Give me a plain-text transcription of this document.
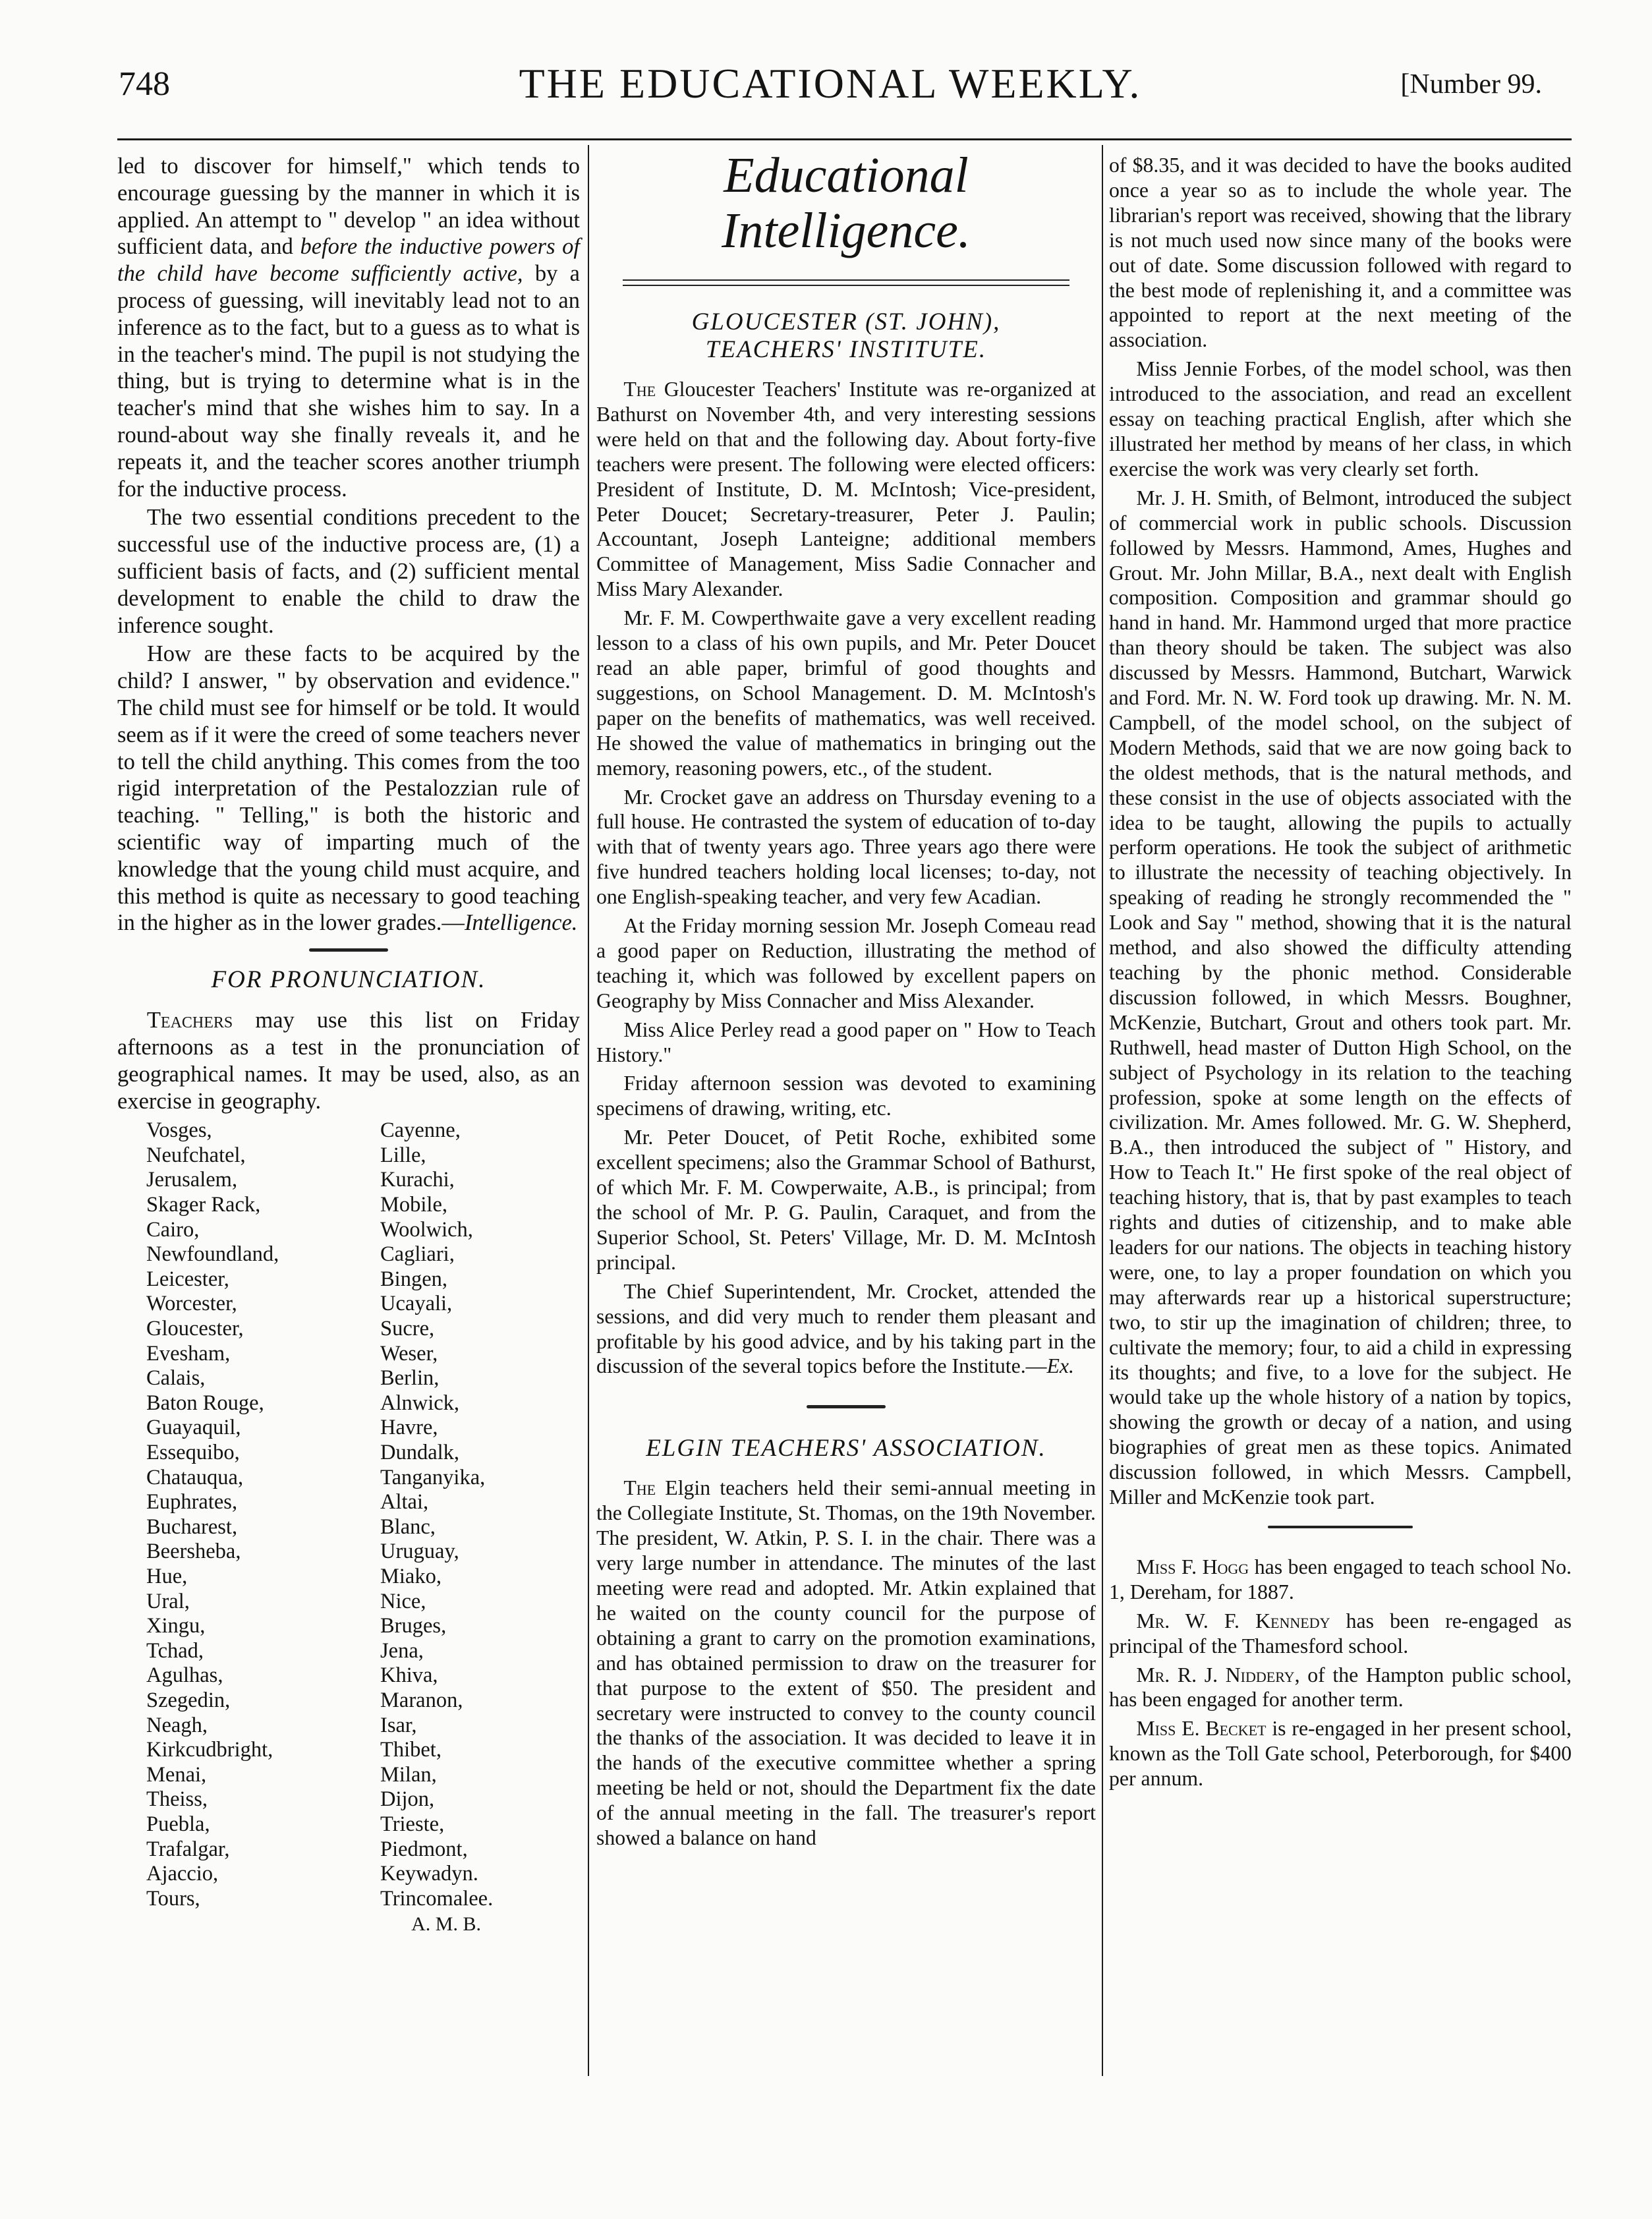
748	THE EDUCATIONAL WEEKLY.	[Number 99.

led to discover for himself," which tends to encourage guessing by the manner in which it is applied. An attempt to " develop " an idea without sufficient data, and before the inductive powers of the child have become sufficiently active, by a process of guessing, will inevitably lead not to an inference as to the fact, but to a guess as to what is in the teacher's mind. The pupil is not studying the thing, but is trying to determine what is in the teacher's mind that she wishes him to say. In a round-about way she finally reveals it, and he repeats it, and the teacher scores another triumph for the inductive process.

The two essential conditions precedent to the successful use of the inductive process are, (1) a sufficient basis of facts, and (2) sufficient mental development to enable the child to draw the inference sought.

How are these facts to be acquired by the child? I answer, " by observation and evidence." The child must see for himself or be told. It would seem as if it were the creed of some teachers never to tell the child anything. This comes from the too rigid interpretation of the Pestalozzian rule of teaching. " Telling," is both the historic and scientific way of imparting much of the knowledge that the young child must acquire, and this method is quite as necessary to good teaching in the higher as in the lower grades.—Intelligence.

FOR PRONUNCIATION.

Teachers may use this list on Friday afternoons as a test in the pronunciation of geographical names. It may be used, also, as an exercise in geography.

Vosges,
Neufchatel,
Jerusalem,
Skager Rack,
Cairo,
Newfoundland,
Leicester,
Worcester,
Gloucester,
Evesham,
Calais,
Baton Rouge,
Guayaquil,
Essequibo,
Chatauqua,
Euphrates,
Bucharest,
Beersheba,
Hue,
Ural,
Xingu,
Tchad,
Agulhas,
Szegedin,
Neagh,
Kirkcudbright,
Menai,
Theiss,
Puebla,
Trafalgar,
Ajaccio,
Tours,
Cayenne,
Lille,
Kurachi,
Mobile,
Woolwich,
Cagliari,
Bingen,
Ucayali,
Sucre,
Weser,
Berlin,
Alnwick,
Havre,
Dundalk,
Tanganyika,
Altai,
Blanc,
Uruguay,
Miako,
Nice,
Bruges,
Jena,
Khiva,
Maranon,
Isar,
Thibet,
Milan,
Dijon,
Trieste,
Piedmont,
Keywadyn.
Trincomalee.
A. M. B.
Educational Intelligence.
GLOUCESTER (ST. JOHN),
TEACHERS' INSTITUTE.

The Gloucester Teachers' Institute was re-organized at Bathurst on November 4th, and very interesting sessions were held on that and the following day. About forty-five teachers were present. The following were elected officers: President of Institute, D. M. McIntosh; Vice-president, Peter Doucet; Secretary-treasurer, Peter J. Paulin; Accountant, Joseph Lanteigne; additional members Committee of Management, Miss Sadie Connacher and Miss Mary Alexander.

Mr. F. M. Cowperthwaite gave a very excellent reading lesson to a class of his own pupils, and Mr. Peter Doucet read an able paper, brimful of good thoughts and suggestions, on School Management. D. M. McIntosh's paper on the benefits of mathematics, was well received. He showed the value of mathematics in bringing out the memory, reasoning powers, etc., of the student.

Mr. Crocket gave an address on Thursday evening to a full house. He contrasted the system of education of to-day with that of twenty years ago. Three years ago there were five hundred teachers holding local licenses; to-day, not one English-speaking teacher, and very few Acadian.

At the Friday morning session Mr. Joseph Comeau read a good paper on Reduction, illustrating the method of teaching it, which was followed by excellent papers on Geography by Miss Connacher and Miss Alexander.

Miss Alice Perley read a good paper on " How to Teach History."

Friday afternoon session was devoted to examining specimens of drawing, writing, etc.

Mr. Peter Doucet, of Petit Roche, exhibited some excellent specimens; also the Grammar School of Bathurst, of which Mr. F. M. Cowperwaite, A.B., is principal; from the school of Mr. P. G. Paulin, Caraquet, and from the Superior School, St. Peters' Village, Mr. D. M. McIntosh principal.

The Chief Superintendent, Mr. Crocket, attended the sessions, and did very much to render them pleasant and profitable by his good advice, and by his taking part in the discussion of the several topics before the Institute.—Ex.

ELGIN TEACHERS' ASSOCIATION.

The Elgin teachers held their semi-annual meeting in the Collegiate Institute, St. Thomas, on the 19th November. The president, W. Atkin, P. S. I. in the chair. There was a very large number in attendance. The minutes of the last meeting were read and adopted. Mr. Atkin explained that he waited on the county council for the purpose of obtaining a grant to carry on the promotion examinations, and has obtained permission to draw on the treasurer for that purpose to the extent of $50. The president and secretary were instructed to convey to the county council the thanks of the association. It was decided to leave it in the hands of the executive committee whether a spring meeting be held or not, should the Department fix the date of the annual meeting in the fall. The treasurer's report showed a balance on hand

of $8.35, and it was decided to have the books audited once a year so as to include the whole year. The librarian's report was received, showing that the library is not much used now since many of the books were out of date. Some discussion followed with regard to the best mode of replenishing it, and a committee was appointed to report at the next meeting of the association.

Miss Jennie Forbes, of the model school, was then introduced to the association, and read an excellent essay on teaching practical English, after which she illustrated her method by means of her class, in which exercise the work was very clearly set forth.

Mr. J. H. Smith, of Belmont, introduced the subject of commercial work in public schools. Discussion followed by Messrs. Hammond, Ames, Hughes and Grout. Mr. John Millar, B.A., next dealt with English composition. Composition and grammar should go hand in hand. Mr. Hammond urged that more practice than theory should be taken. The subject was also discussed by Messrs. Hammond, Butchart, Warwick and Ford. Mr. N. W. Ford took up drawing. Mr. N. M. Campbell, of the model school, on the subject of Modern Methods, said that we are now going back to the oldest methods, that is the natural methods, and these consist in the use of objects associated with the idea to be taught, allowing the pupils to actually perform operations. He took the subject of arithmetic to illustrate the necessity of teaching objectively. In speaking of reading he strongly recommended the " Look and Say " method, showing that it is the natural method, and also showed the difficulty attending teaching by the phonic method. Considerable discussion followed, in which Messrs. Boughner, McKenzie, Butchart, Grout and others took part. Mr. Ruthwell, head master of Dutton High School, on the subject of Psychology in its relation to the teaching profession, spoke at some length on the effects of civilization. Mr. Ames followed. Mr. G. W. Shepherd, B.A., then introduced the subject of " History, and How to Teach It." He first spoke of the real object of teaching history, that is, that by past examples to teach rights and duties of citizenship, and to make able leaders for our nations. The objects in teaching history were, one, to lay a proper foundation on which you may afterwards rear up a historical superstructure; two, to stir up the imagination of children; three, to cultivate the memory; four, to aid a child in expressing its thoughts; and five, to a love for the subject. He would take up the whole history of a nation by topics, showing the growth or decay of a nation, and using biographies of great men as these topics. Animated discussion followed, in which Messrs. Campbell, Miller and McKenzie took part.

Miss F. Hogg has been engaged to teach school No. 1, Dereham, for 1887.

Mr. W. F. Kennedy has been re-engaged as principal of the Thamesford school.

Mr. R. J. Niddery, of the Hampton public school, has been engaged for another term.

Miss E. Becket is re-engaged in her present school, known as the Toll Gate school, Peterborough, for $400 per annum.
